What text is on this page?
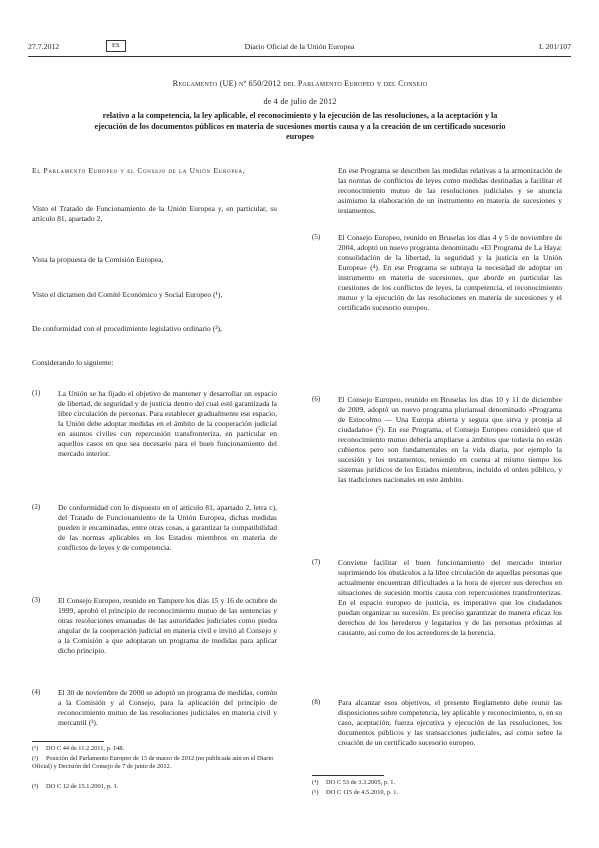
27.7.2012	ES	Diario Oficial de la Unión Europea	L 201/107
Reglamento (UE) nº 650/2012 del Parlamento Europeo y del Consejo
de 4 de julio de 2012
relativo a la competencia, la ley aplicable, el reconocimiento y la ejecución de las resoluciones, a la aceptación y la ejecución de los documentos públicos en materia de sucesiones mortis causa y a la creación de un certificado sucesorio europeo
El Parlamento Europeo y el Consejo de la Unión Europea,
Visto el Tratado de Funcionamiento de la Unión Europea y, en particular, su artículo 81, apartado 2,
Vista la propuesta de la Comisión Europea,
Visto el dictamen del Comité Económico y Social Europeo (¹),
De conformidad con el procedimiento legislativo ordinario (²),
Considerando lo siguiente:
(1)	La Unión se ha fijado el objetivo de mantener y desarrollar un espacio de libertad, de seguridad y de justicia dentro del cual esté garantizada la libre circulación de personas. Para establecer gradualmente ese espacio, la Unión debe adoptar medidas en el ámbito de la cooperación judicial en asuntos civiles con repercusión transfronteriza, en particular en aquellos casos en que sea necesario para el buen funcionamiento del mercado interior.
(2)	De conformidad con lo dispuesto en el artículo 81, apartado 2, letra c), del Tratado de Funcionamiento de la Unión Europea, dichas medidas pueden ir encaminadas, entre otras cosas, a garantizar la compatibilidad de las normas aplicables en los Estados miembros en materia de conflictos de leyes y de competencia.
(3)	El Consejo Europeo, reunido en Tampere los días 15 y 16 de octubre de 1999, aprobó el principio de reconocimiento mutuo de las sentencias y otras resoluciones emanadas de las autoridades judiciales como piedra angular de la cooperación judicial en materia civil e invitó al Consejo y a la Comisión a que adoptaran un programa de medidas para aplicar dicho principio.
(4)	El 30 de noviembre de 2000 se adoptó un programa de medidas, común a la Comisión y al Consejo, para la aplicación del principio de reconocimiento mutuo de las resoluciones judiciales en materia civil y mercantil (³).
(¹) DO C 44 de 11.2.2011, p. 148.
(²) Posición del Parlamento Europeo de 13 de marzo de 2012 (no publicada aún en el Diario Oficial) y Decisión del Consejo de 7 de junio de 2012.
(³) DO C 12 de 15.1.2001, p. 1.
En ese Programa se describen las medidas relativas a la armonización de las normas de conflictos de leyes como medidas destinadas a facilitar el reconocimiento mutuo de las resoluciones judiciales y se anuncia asimismo la elaboración de un instrumento en materia de sucesiones y testamentos.
(5)	El Consejo Europeo, reunido en Bruselas los días 4 y 5 de noviembre de 2004, adoptó un nuevo programa denominado «El Programa de La Haya: consolidación de la libertad, la seguridad y la justicia en la Unión Europea» (⁴). En ese Programa se subraya la necesidad de adoptar un instrumento en materia de sucesiones, que aborde en particular las cuestiones de los conflictos de leyes, la competencia, el reconocimiento mutuo y la ejecución de las resoluciones en materia de sucesiones y el certificado sucesorio europeo.
(6)	El Consejo Europeo, reunido en Bruselas los días 10 y 11 de diciembre de 2009, adoptó un nuevo programa plurianual denominado «Programa de Estocolmo — Una Europa abierta y segura que sirva y proteja al ciudadano» (⁵). En ese Programa, el Consejo Europeo consideró que el reconocimiento mutuo debería ampliarse a ámbitos que todavía no están cubiertos pero son fundamentales en la vida diaria, por ejemplo la sucesión y los testamentos, teniendo en cuenta al mismo tiempo los sistemas jurídicos de los Estados miembros, incluido el orden público, y las tradiciones nacionales en este ámbito.
(7)	Conviene facilitar el buen funcionamiento del mercado interior suprimiendo los obstáculos a la libre circulación de aquellas personas que actualmente encuentran dificultades a la hora de ejercer sus derechos en situaciones de sucesión mortis causa con repercusiones transfronterizas. En el espacio europeo de justicia, es imperativo que los ciudadanos puedan organizar su sucesión. Es preciso garantizar de manera eficaz los derechos de los herederos y legatarios y de las personas próximas al causante, así como de los acreedores de la herencia.
(8)	Para alcanzar esos objetivos, el presente Reglamento debe reunir las disposiciones sobre competencia, ley aplicable y reconocimiento, o, en su caso, aceptación, fuerza ejecutiva y ejecución de las resoluciones, los documentos públicos y las transacciones judiciales, así como sobre la creación de un certificado sucesorio europeo.
(⁴) DO C 53 de 3.3.2005, p. 1.
(⁵) DO C 115 de 4.5.2010, p. 1.
